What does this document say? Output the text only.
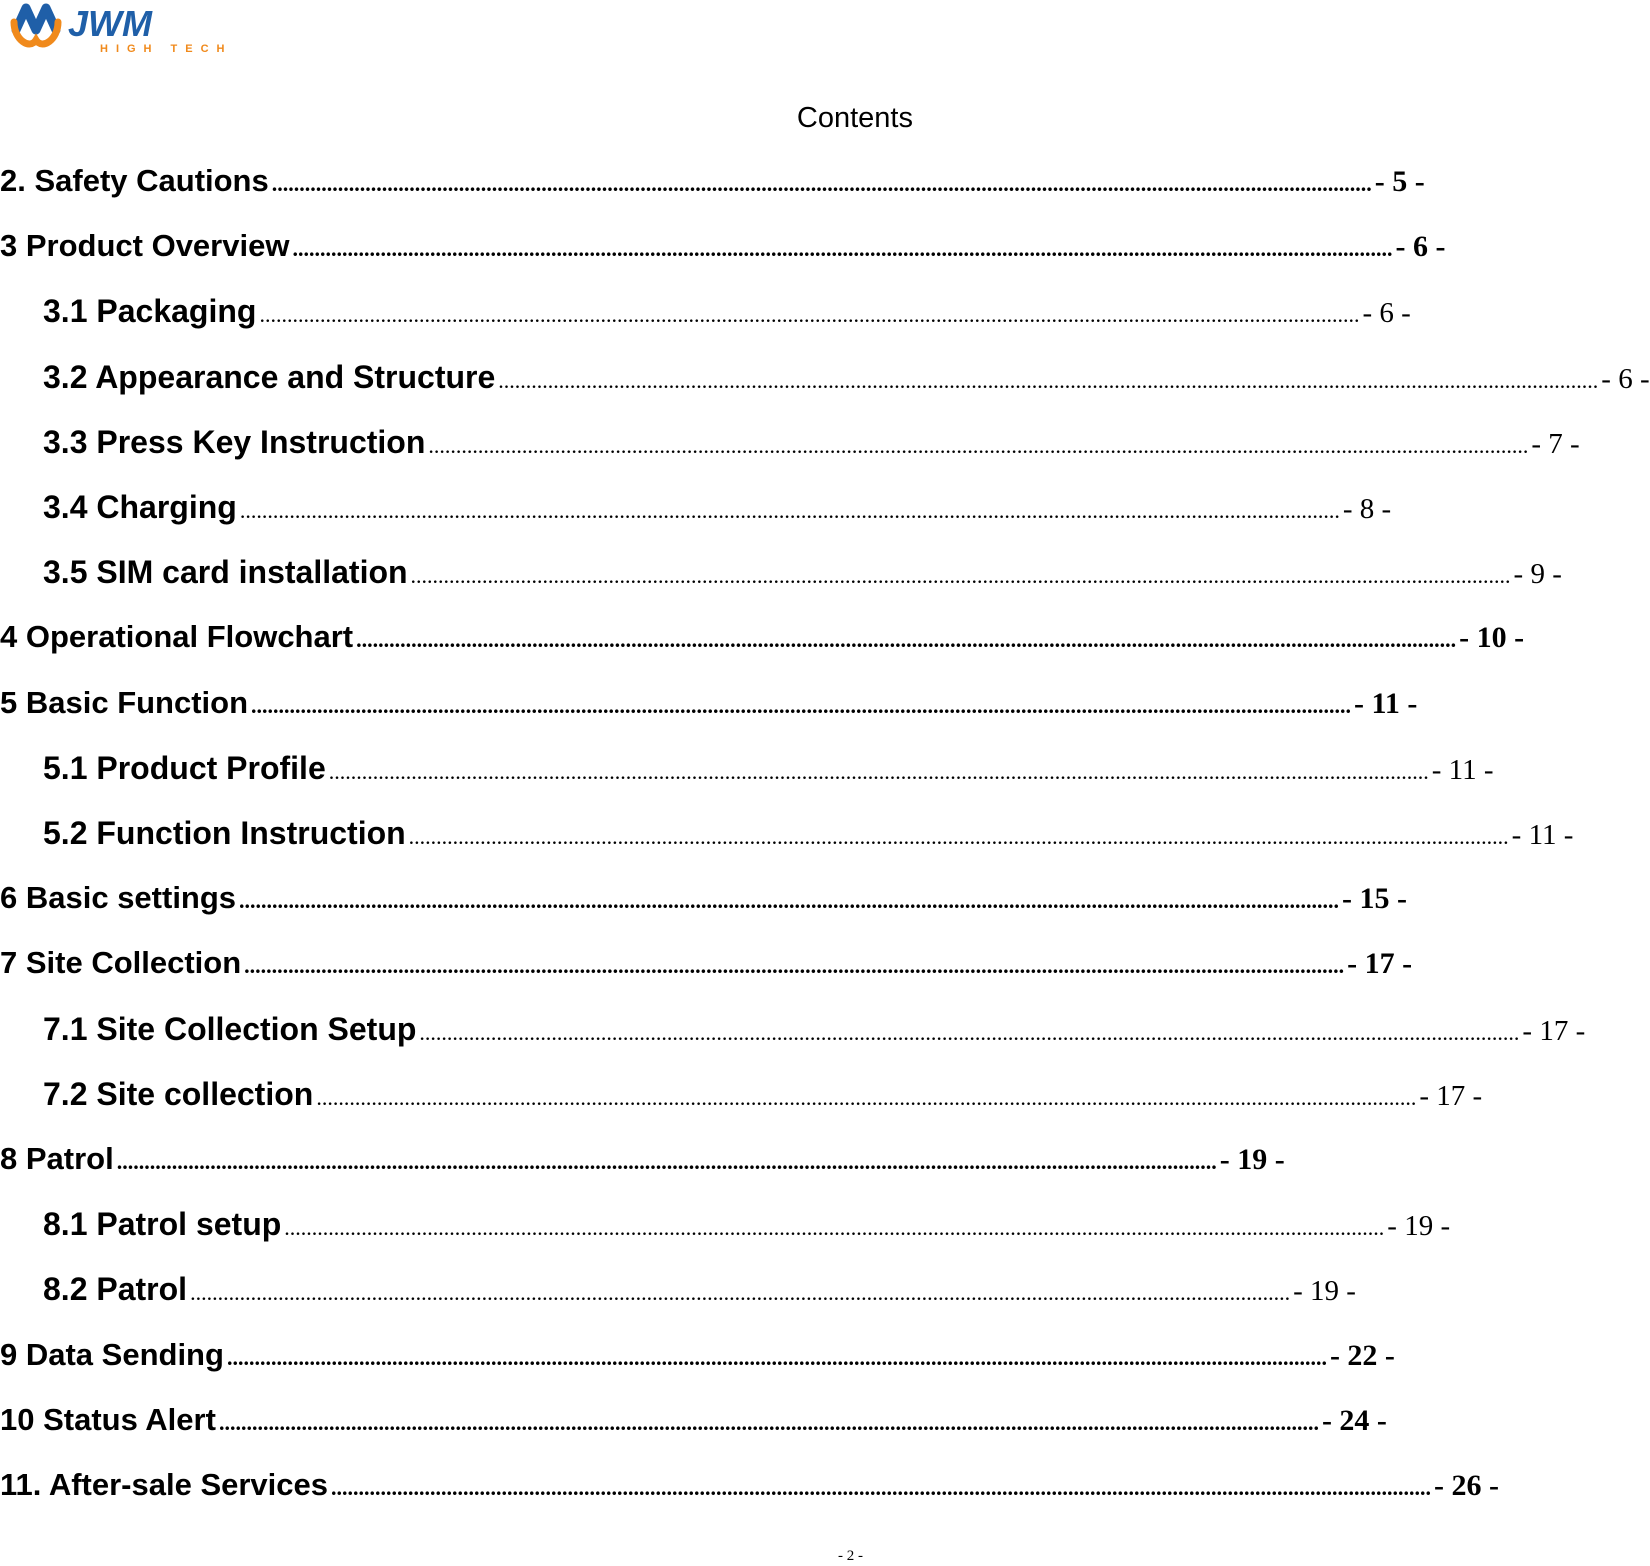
JWM
HIGH TECH
Contents
2. Safety Cautions ........................................................................................................................................................................................................ - 5 -
3 Product Overview ........................................................................................................................................................................................................ - 6 -
3.1 Packaging ........................................................................................................................................................................................................ - 6 -
3.2 Appearance and Structure ........................................................................................................................................................................................................ - 6 -
3.3 Press Key Instruction ........................................................................................................................................................................................................ - 7 -
3.4 Charging ........................................................................................................................................................................................................ - 8 -
3.5 SIM card installation ........................................................................................................................................................................................................ - 9 -
4 Operational Flowchart ........................................................................................................................................................................................................ - 10 -
5 Basic Function ........................................................................................................................................................................................................ - 11 -
5.1 Product Profile ........................................................................................................................................................................................................ - 11 -
5.2 Function Instruction ........................................................................................................................................................................................................ - 11 -
6 Basic settings ........................................................................................................................................................................................................ - 15 -
7 Site Collection ........................................................................................................................................................................................................ - 17 -
7.1 Site Collection Setup ........................................................................................................................................................................................................ - 17 -
7.2 Site collection ........................................................................................................................................................................................................ - 17 -
8 Patrol ........................................................................................................................................................................................................ - 19 -
8.1 Patrol setup ........................................................................................................................................................................................................ - 19 -
8.2 Patrol ........................................................................................................................................................................................................ - 19 -
9 Data Sending ........................................................................................................................................................................................................ - 22 -
10 Status Alert ........................................................................................................................................................................................................ - 24 -
11. After-sale Services ........................................................................................................................................................................................................ - 26 -
- 2 -
